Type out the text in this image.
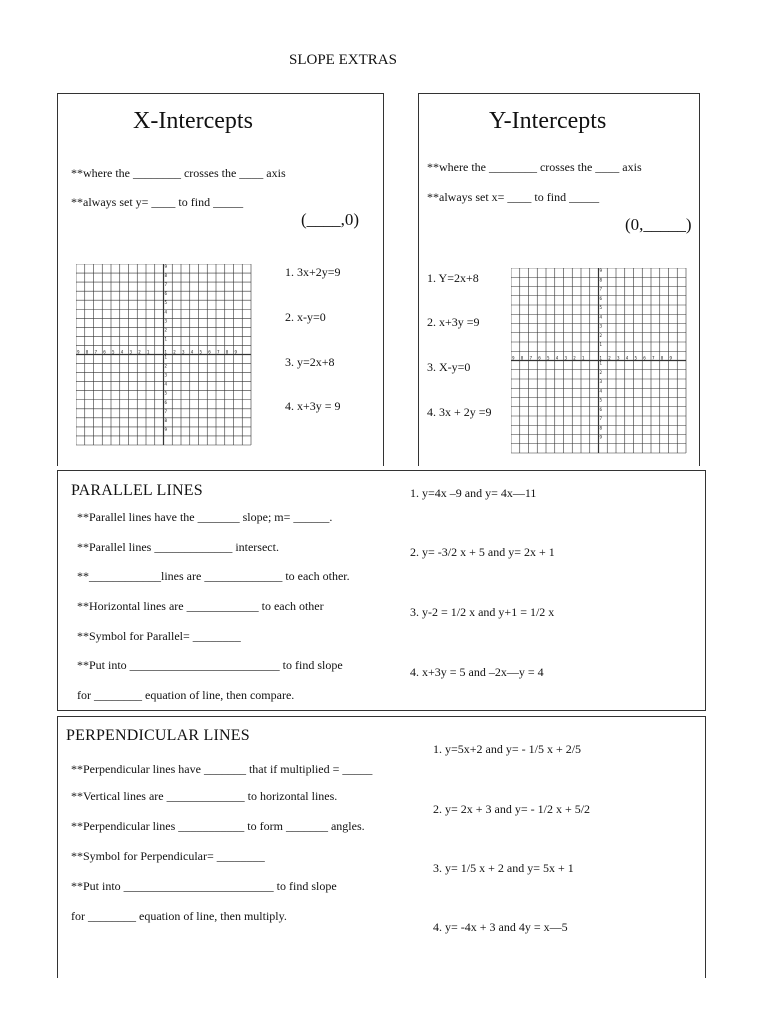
SLOPE EXTRAS
X-Intercepts
**where the ________ crosses the ____ axis
**always set y= ____ to find _____
(____,0)
9
9
8
8
7
7
6
6
5
5
4
4
3
3
2
2
1
1
1
1
2
2
3
3
4
4
5
5
6
6
7
7
8
8
9
9
1. 3x+2y=9
2. x-y=0
3. y=2x+8
4. x+3y = 9
Y-Intercepts
**where the ________ crosses the ____ axis
**always set x= ____ to find _____
(0,_____)
9
9
8
8
7
7
6
6
5
5
4
4
3
3
2
2
1
1
1
1
2
2
3
3
4
4
5
5
6
6
7
7
8
8
9
9
1. Y=2x+8
2. x+3y =9
3. X-y=0
4. 3x + 2y =9
PARALLEL LINES
**Parallel lines have the _______ slope; m= ______.
**Parallel lines _____________ intersect.
**____________lines are _____________ to each other.
**Horizontal lines are ____________ to each other
**Symbol for Parallel= ________
**Put into _________________________ to find slope
for ________ equation of line, then compare.
1. y=4x –9 and y= 4x—11
2. y= -3/2 x + 5 and y= 2x + 1
3. y-2 = 1/2 x and y+1 = 1/2 x
4. x+3y = 5 and –2x—y = 4
PERPENDICULAR LINES
**Perpendicular lines have _______ that if multiplied = _____
**Vertical lines are _____________ to horizontal lines.
**Perpendicular lines ___________ to form _______ angles.
**Symbol for Perpendicular= ________
**Put into _________________________ to find slope
for ________ equation of line, then multiply.
1. y=5x+2 and y= - 1/5 x + 2/5
2. y= 2x + 3 and y= - 1/2 x + 5/2
3. y= 1/5 x + 2 and y= 5x + 1
4. y= -4x + 3 and 4y = x—5
